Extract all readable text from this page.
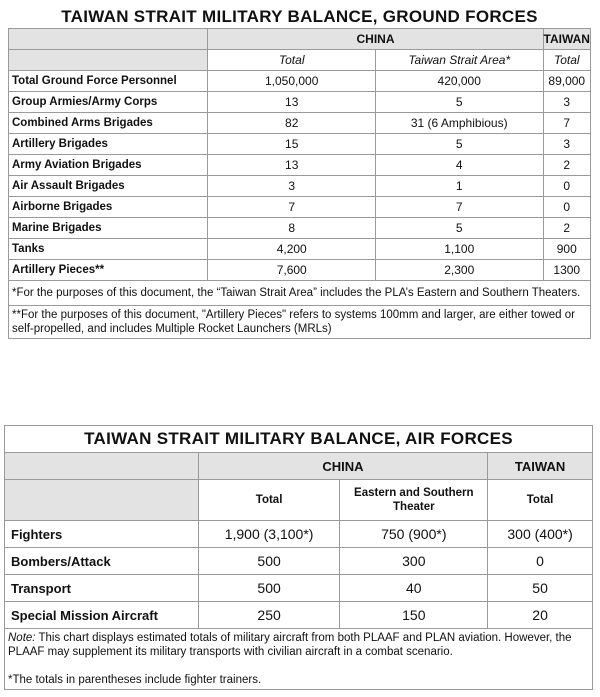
TAIWAN STRAIT MILITARY BALANCE, GROUND FORCES			
	CHINA		TAIWAN
	Total	Taiwan Strait Area*	Total
Total Ground Force Personnel	1,050,000	420,000	89,000
Group Armies/Army Corps	13	5	3
Combined Arms Brigades	82	31 (6 Amphibious)	7
Artillery Brigades	15	5	3
Army Aviation Brigades	13	4	2
Air Assault Brigades	3	1	0
Airborne Brigades	7	7	0
Marine Brigades	8	5	2
Tanks	4,200	1,100	900
Artillery Pieces**	7,600	2,300	1300
*For the purposes of this document, the “Taiwan Strait Area” includes the PLA’s Eastern and Southern Theaters.			
**For the purposes of this document, "Artillery Pieces" refers to systems 100mm and larger, are either towed or self-propelled, and includes Multiple Rocket Launchers (MRLs)			
TAIWAN STRAIT MILITARY BALANCE, AIR FORCES			
	CHINA		TAIWAN
	Total	Eastern and Southern Theater	Total
Fighters	1,900 (3,100*)	750 (900*)	300 (400*)
Bombers/Attack	500	300	0
Transport	500	40	50
Special Mission Aircraft	250	150	20
Note: This chart displays estimated totals of military aircraft from both PLAAF and PLAN aviation. However, the PLAAF may supplement its military transports with civilian aircraft in a combat scenario.

*The totals in parentheses include fighter trainers.			
